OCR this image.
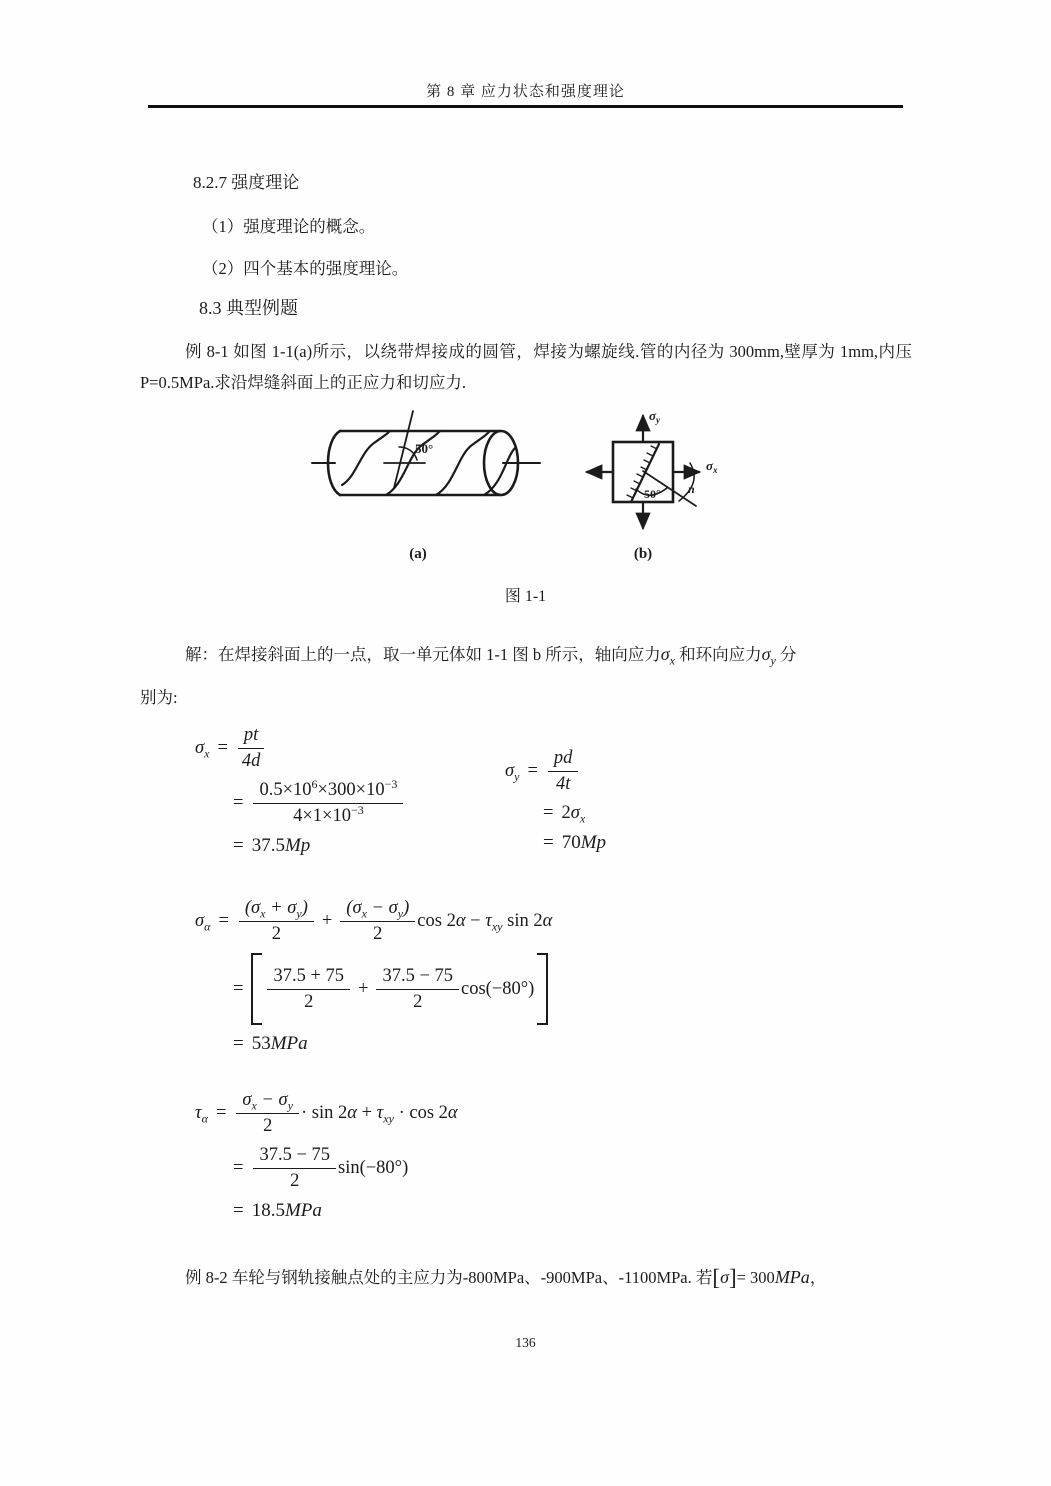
第 8 章 应力状态和强度理论
8.2.7 强度理论
（1）强度理论的概念。
（2）四个基本的强度理论。
8.3 典型例题
例 8-1 如图 1-1(a)所示，以绕带焊接成的圆管，焊接为螺旋线.管的内径为 300mm,壁厚为 1mm,内压 P=0.5MPa.求沿焊缝斜面上的正应力和切应力.
50°
(a)
$\sigma_y$
$\sigma_x$
50° n
(b)
图 1-1
解：在焊接斜面上的一点，取一单元体如 1-1 图 b 所示，轴向应力$\sigma_x$ 和环向应力$\sigma_y$ 分
别为:
$\sigma_x = \frac{pt}{4d}$
= $\frac{0.5\times 10^6\times 300\times 10^{-3}}{4\times 1\times 10^{-3}}$
= 37.5Mp
$\sigma_y = \frac{pd}{4t}$
= $2\sigma_x$
= 70Mp
$\sigma_\alpha = \frac{(\sigma_x + \sigma_y)}{2} + \frac{(\sigma_x - \sigma_y)}{2}$ $\cos 2\alpha - \tau_{xy}$ sin 2α
= $\frac{37.5 + 75}{2} + \frac{37.5 - 75}{2} \cos(-80^\circ)$
= 53MPa
$\tau_\alpha = \frac{\sigma_x - \sigma_y}{2} \cdot \sin 2\alpha + \tau_{xy} \cdot \cos 2\alpha$
= $\frac{37.5 - 75}{2} \sin(-80^\circ)$
= 18.5MPa
例 8-2 车轮与钢轨接触点处的主应力为-800MPa、-900MPa、-1100MPa. 若[σ]= 300MPa，
136
